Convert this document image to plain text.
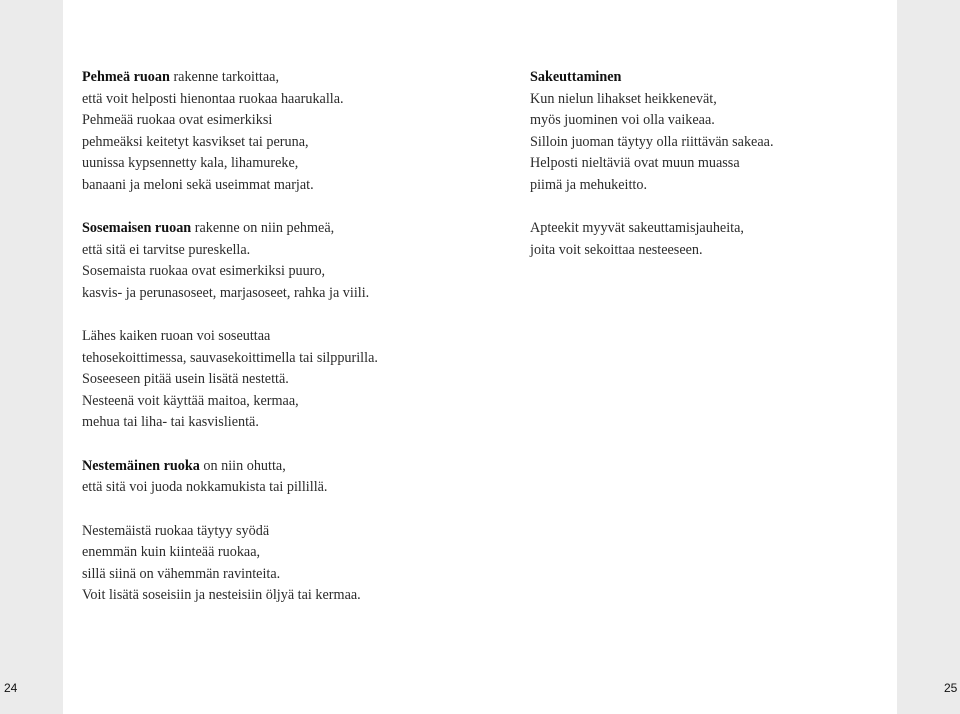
Pehmeä ruoan rakenne tarkoittaa,
että voit helposti hienontaa ruokaa haarukalla.
Pehmeää ruokaa ovat esimerkiksi
pehmeäksi keitetyt kasvikset tai peruna,
uunissa kypsennetty kala, lihamureke,
banaani ja meloni sekä useimmat marjat.

Sosemaisen ruoan rakenne on niin pehmeä,
että sitä ei tarvitse pureskella.
Sosemaista ruokaa ovat esimerkiksi puuro,
kasvis- ja perunasoseet, marjasoseet, rahka ja viili.

Lähes kaiken ruoan voi soseuttaa
tehosekoittimessa, sauvasekoittimella tai silppurilla.
Soseeseen pitää usein lisätä nestettä.
Nesteenä voit käyttää maitoa, kermaa,
mehua tai liha- tai kasvislientä.

Nestemäinen ruoka on niin ohutta,
että sitä voi juoda nokkamukista tai pillillä.

Nestemäistä ruokaa täytyy syödä
enemmän kuin kiinteää ruokaa,
sillä siinä on vähemmän ravinteita.
Voit lisätä soseisiin ja nesteisiin öljyä tai kermaa.

Sakeuttaminen
Kun nielun lihakset heikkenevät,
myös juominen voi olla vaikeaa.
Silloin juoman täytyy olla riittävän sakeaa.
Helposti nieltäviä ovat muun muassa
piimä ja mehukeitto.

Apteekit myyvät sakeuttamisjauheita,
joita voit sekoittaa nesteeseen.

24	25
